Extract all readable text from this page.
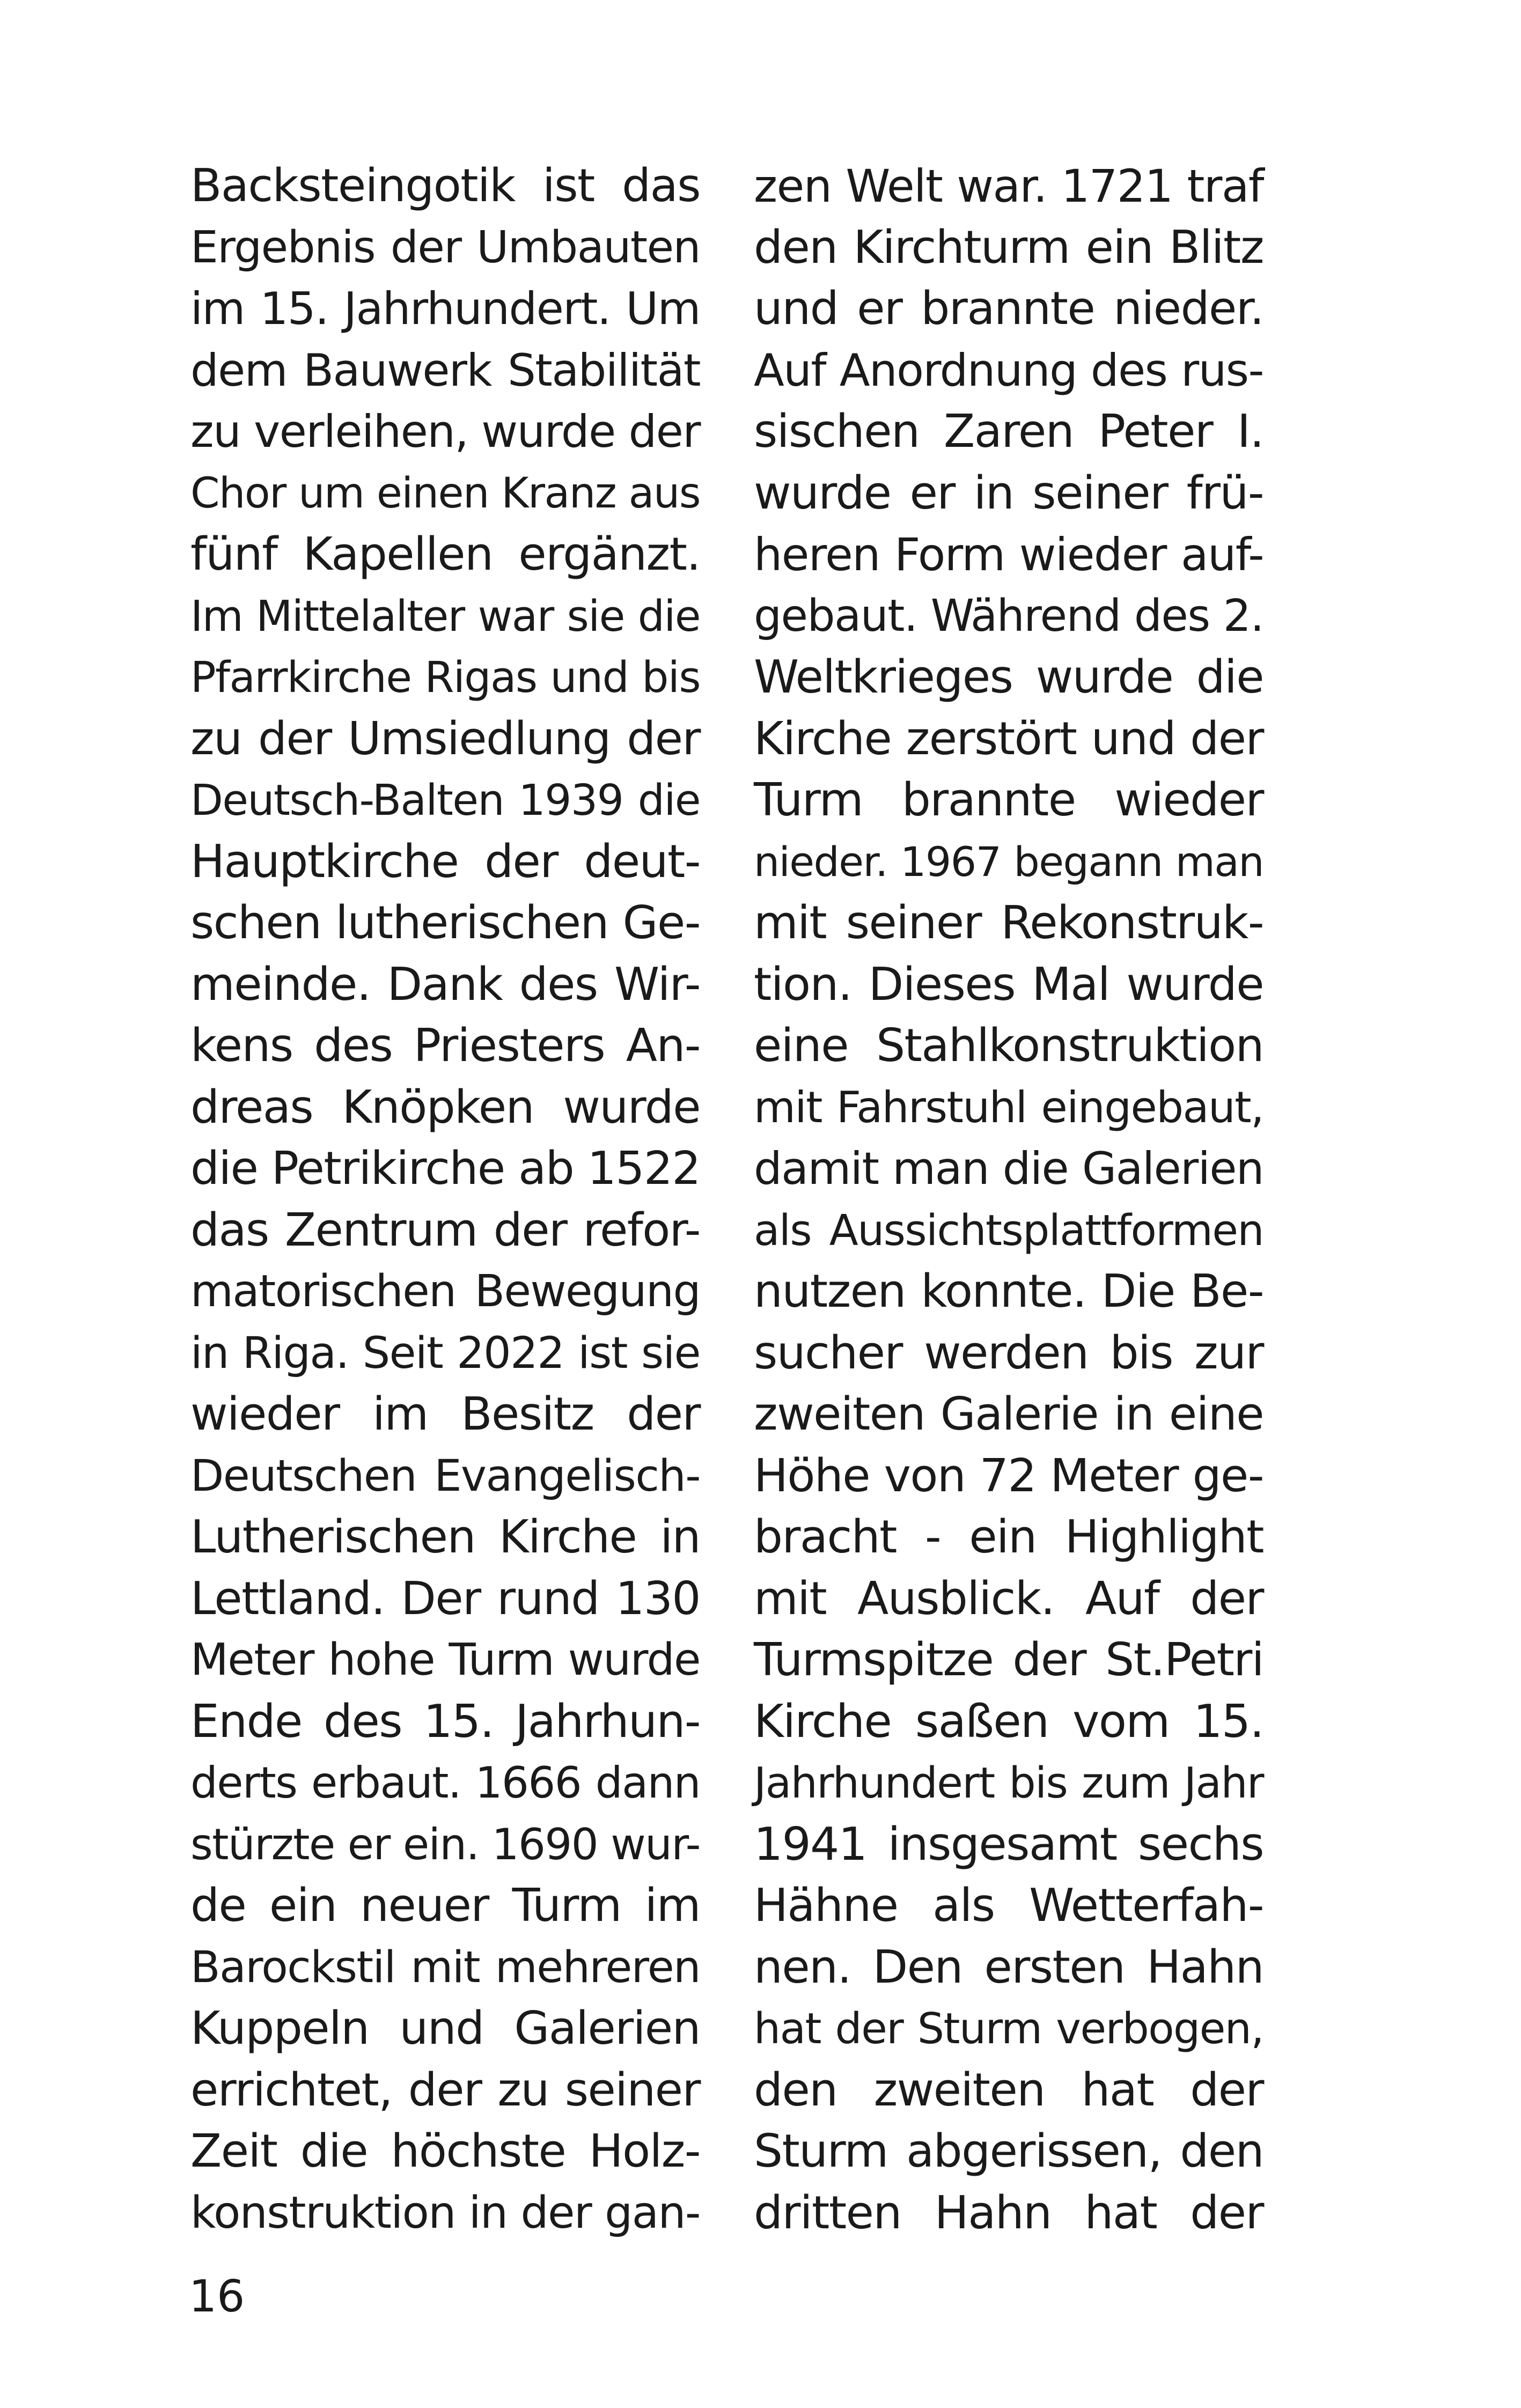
Backsteingotik ist das
Ergebnis der Umbauten
im 15. Jahrhundert. Um
dem Bauwerk Stabilität
zu verleihen, wurde der
Chor um einen Kranz aus
fünf Kapellen ergänzt.
Im Mittelalter war sie die
Pfarrkirche Rigas und bis
zu der Umsiedlung der
Deutsch-Balten 1939 die
Hauptkirche der deut-
schen lutherischen Ge-
meinde. Dank des Wir-
kens des Priesters An-
dreas Knöpken wurde
die Petrikirche ab 1522
das Zentrum der refor-
matorischen Bewegung
in Riga. Seit 2022 ist sie
wieder im Besitz der
Deutschen Evangelisch-
Lutherischen Kirche in
Lettland. Der rund 130
Meter hohe Turm wurde
Ende des 15. Jahrhun-
derts erbaut. 1666 dann
stürzte er ein. 1690 wur-
de ein neuer Turm im
Barockstil mit mehreren
Kuppeln und Galerien
errichtet, der zu seiner
Zeit die höchste Holz-
konstruktion in der gan-
zen Welt war. 1721 traf
den Kirchturm ein Blitz
und er brannte nieder.
Auf Anordnung des rus-
sischen Zaren Peter I.
wurde er in seiner frü-
heren Form wieder auf-
gebaut. Während des 2.
Weltkrieges wurde die
Kirche zerstört und der
Turm brannte wieder
nieder. 1967 begann man
mit seiner Rekonstruk-
tion. Dieses Mal wurde
eine Stahlkonstruktion
mit Fahrstuhl eingebaut,
damit man die Galerien
als Aussichtsplattformen
nutzen konnte. Die Be-
sucher werden bis zur
zweiten Galerie in eine
Höhe von 72 Meter ge-
bracht - ein Highlight
mit Ausblick. Auf der
Turmspitze der St.Petri
Kirche saßen vom 15.
Jahrhundert bis zum Jahr
1941 insgesamt sechs
Hähne als Wetterfah-
nen. Den ersten Hahn
hat der Sturm verbogen,
den zweiten hat der
Sturm abgerissen, den
dritten Hahn hat der
16
